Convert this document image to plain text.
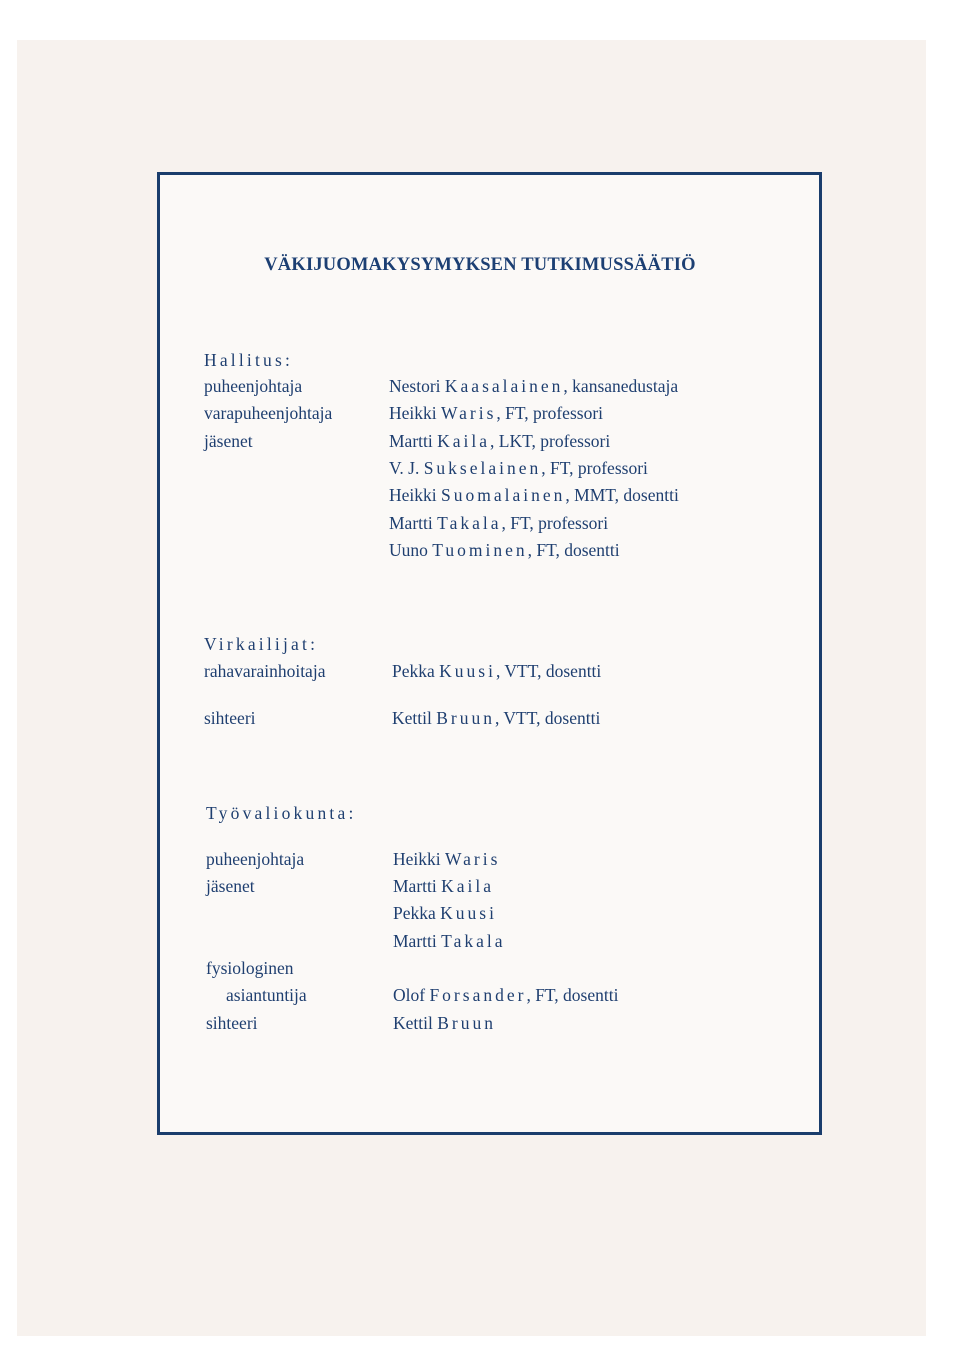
VÄKIJUOMAKYSYMYKSEN TUTKIMUSSÄÄTIÖ
Hallitus:
puheenjohtaja	Nestori Kaasalainen, kansanedustaja
varapuheenjohtaja	Heikki Waris, FT, professori
jäsenet	Martti Kaila, LKT, professori
V. J. Sukselainen, FT, professori
Heikki Suomalainen, MMT, dosentti
Martti Takala, FT, professori
Uuno Tuominen, FT, dosentti
Virkailijat:
rahavarainhoitaja	Pekka Kuusi, VTT, dosentti
sihteeri	Kettil Bruun, VTT, dosentti
Työvaliokunta:
puheenjohtaja	Heikki Waris
jäsenet	Martti Kaila
Pekka Kuusi
Martti Takala
fysiologinen
asiantuntija	Olof Forsander, FT, dosentti
sihteeri	Kettil Bruun
